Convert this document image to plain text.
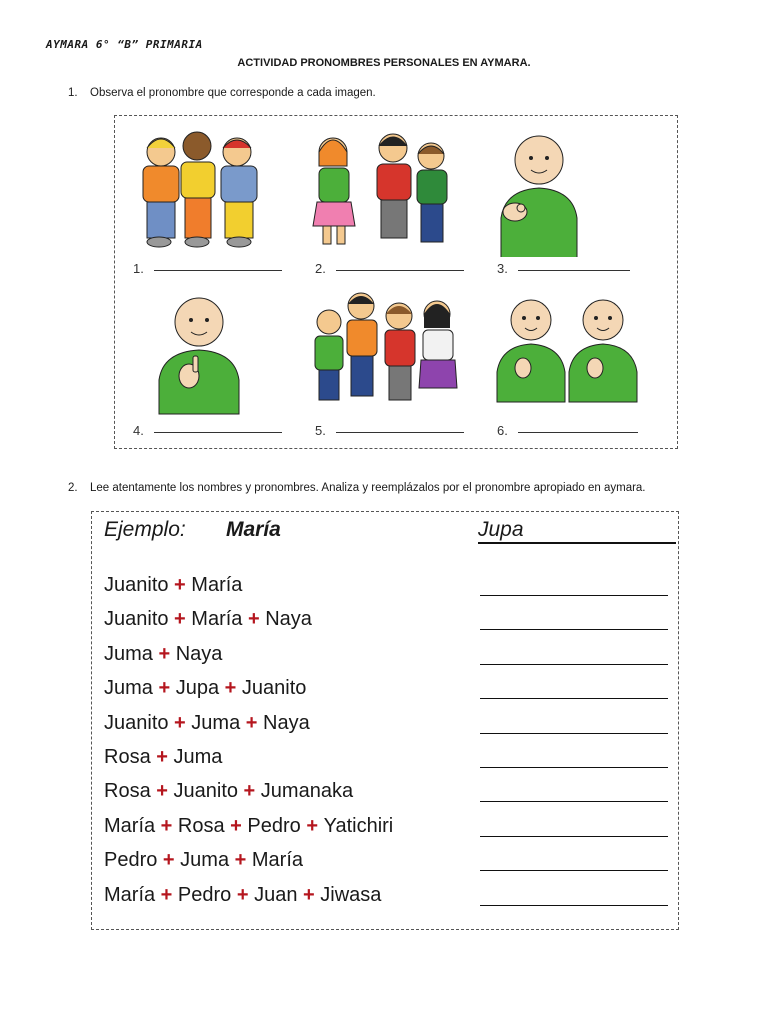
AYMARA 6° “B” PRIMARIA
ACTIVIDAD PRONOMBRES PERSONALES EN AYMARA.
1. Observa el pronombre que corresponde a cada imagen.
1.	2.	3.
4.	5.	6.
2. Lee atentamente los nombres y pronombres. Analiza y reemplázalos por el pronombre apropiado en aymara.
Ejemplo: María	Jupa
Juanito + María
Juanito + María + Naya
Juma + Naya
Juma + Jupa + Juanito
Juanito + Juma + Naya
Rosa + Juma
Rosa + Juanito + Jumanaka
María + Rosa + Pedro + Yatichiri
Pedro + Juma + María
María + Pedro + Juan + Jiwasa
